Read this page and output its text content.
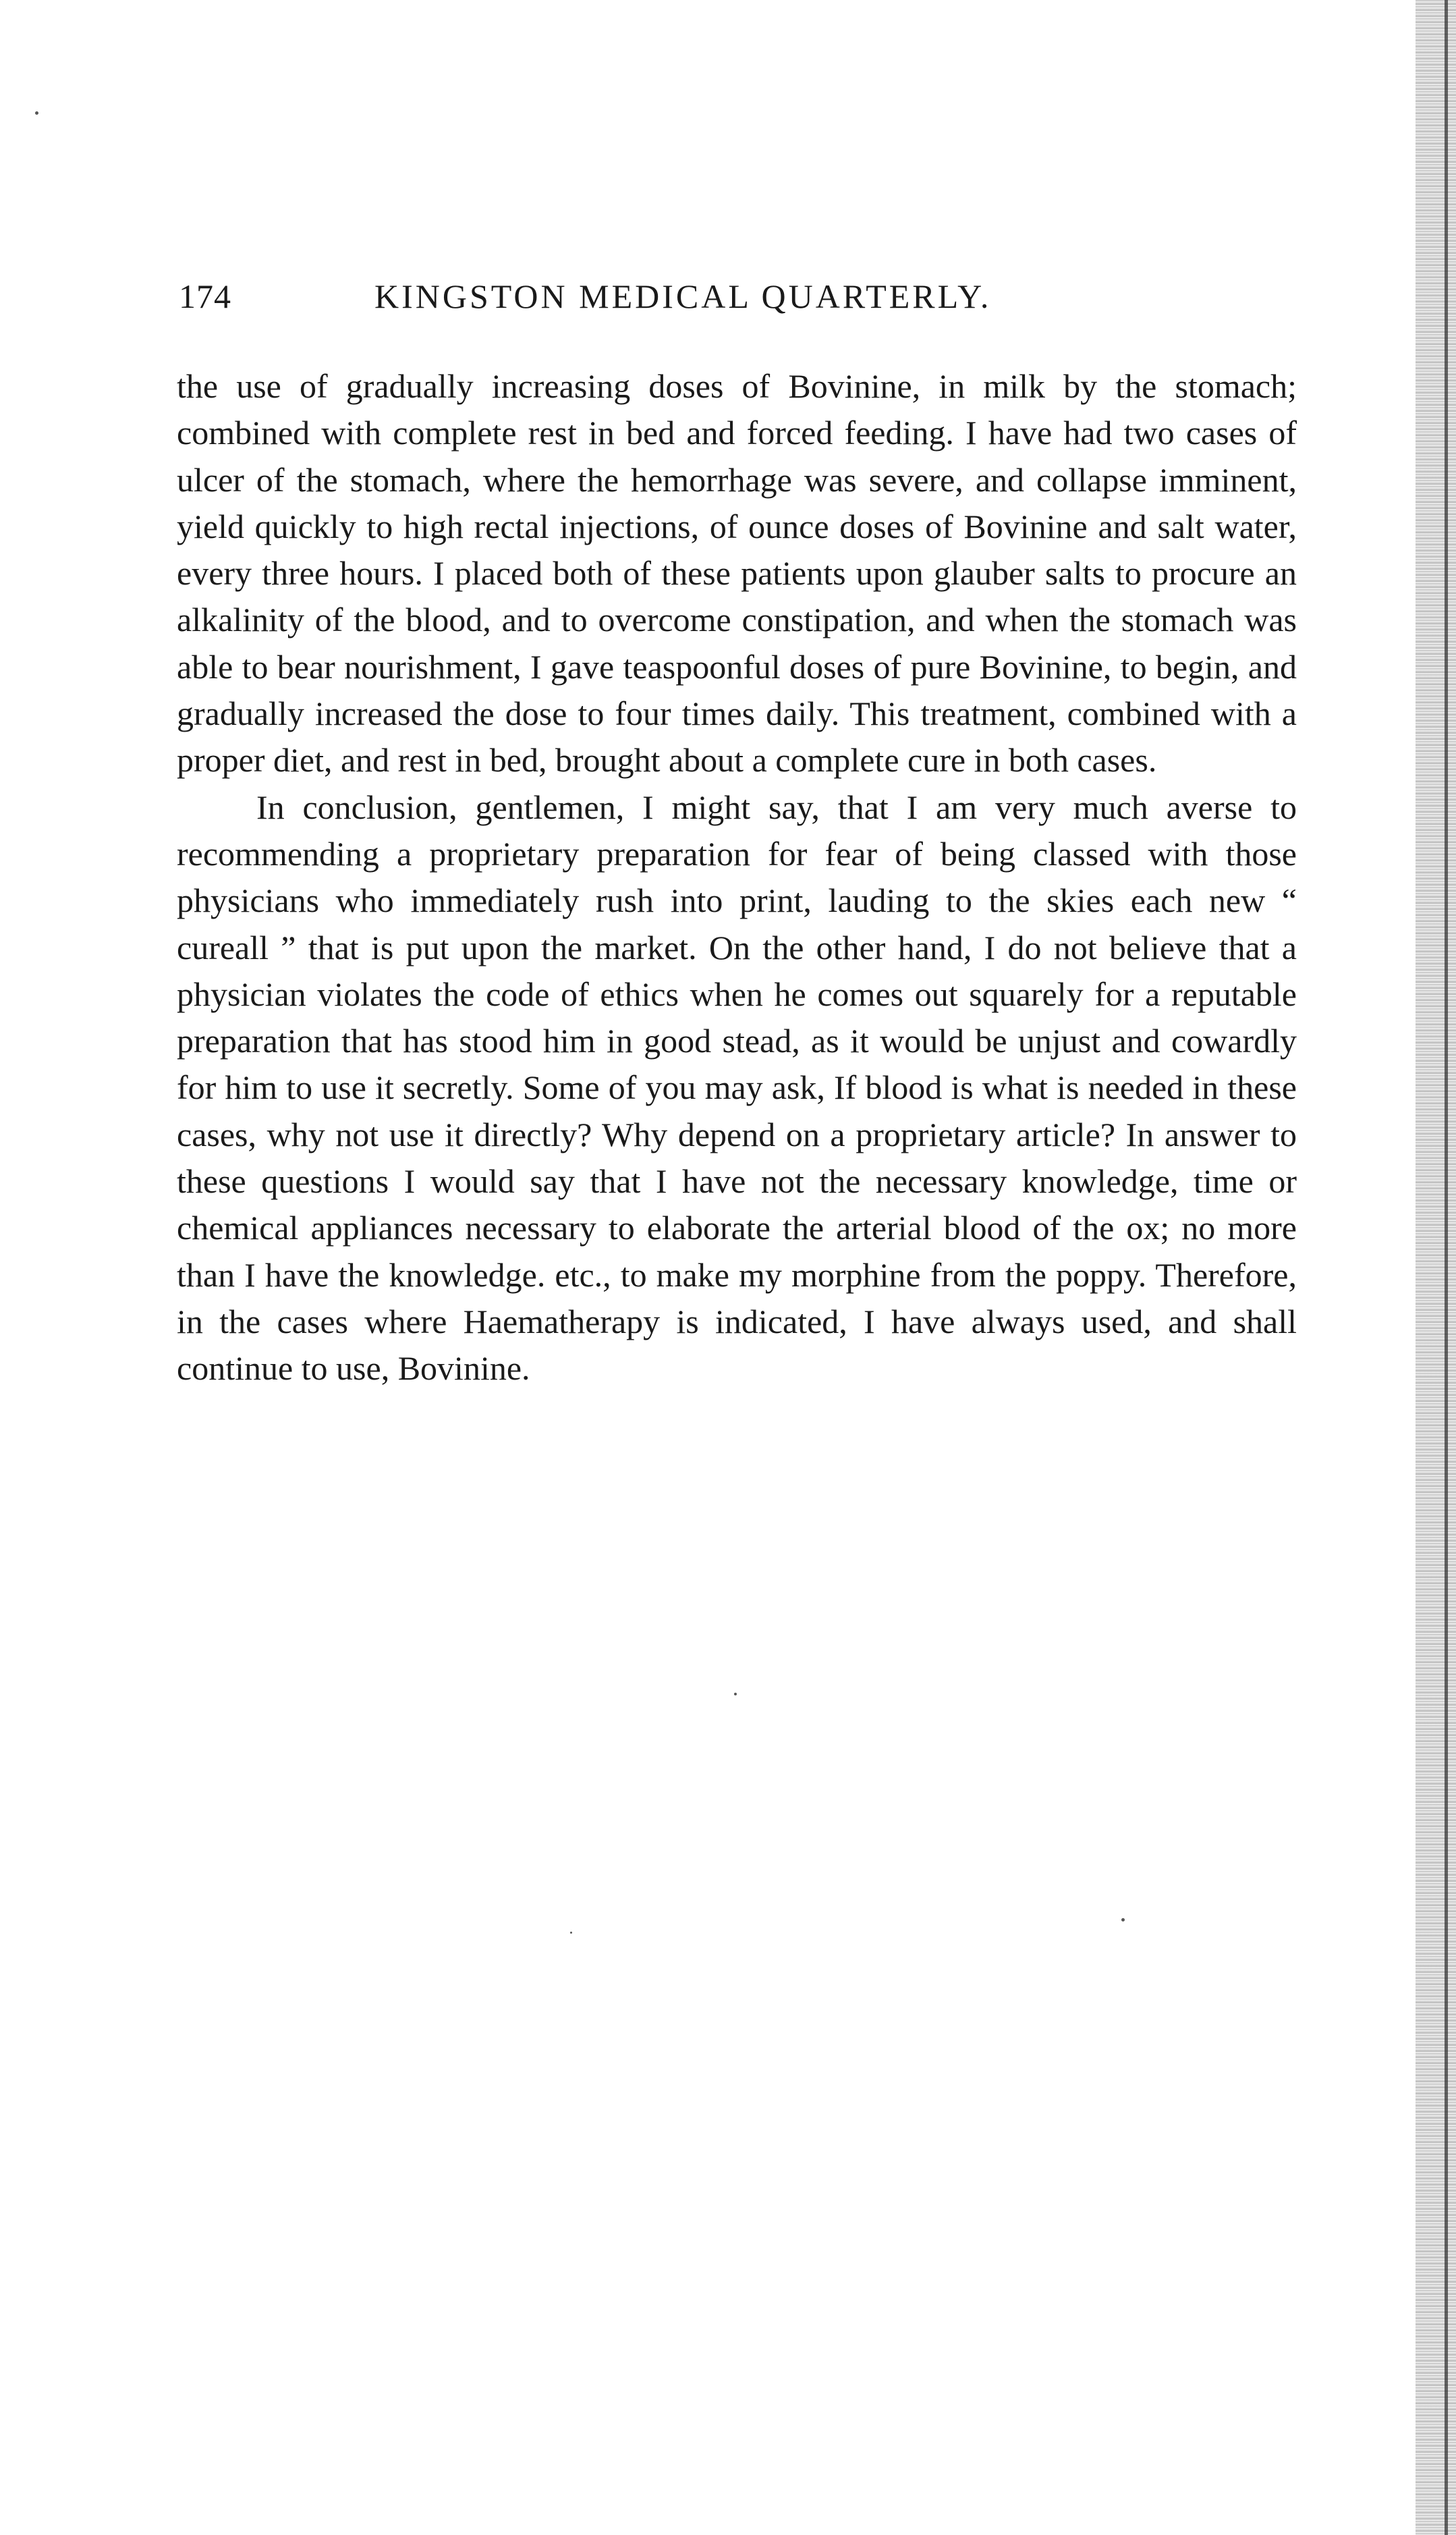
174	KINGSTON MEDICAL QUARTERLY.

the use of gradually increasing doses of Bovinine, in milk by the stomach; combined with complete rest in bed and forced feeding. I have had two cases of ulcer of the stomach, where the hemorrhage was severe, and collapse imminent, yield quickly to high rectal injections, of ounce doses of Bovinine and salt water, every three hours. I placed both of these patients upon glauber salts to procure an alkalinity of the blood, and to overcome constipation, and when the stomach was able to bear nourishment, I gave teaspoonful doses of pure Bovinine, to begin, and gradually increased the dose to four times daily. This treatment, combined with a proper diet, and rest in bed, brought about a complete cure in both cases.

In conclusion, gentlemen, I might say, that I am very much averse to recommending a proprietary preparation for fear of being classed with those physicians who immediately rush into print, lauding to the skies each new “ cureall ” that is put upon the market. On the other hand, I do not believe that a physician violates the code of ethics when he comes out squarely for a reputable preparation that has stood him in good stead, as it would be unjust and cowardly for him to use it secretly. Some of you may ask, If blood is what is needed in these cases, why not use it directly? Why depend on a proprietary article? In answer to these questions I would say that I have not the necessary knowledge, time or chemical appliances necessary to elaborate the arterial blood of the ox; no more than I have the knowledge. etc., to make my morphine from the poppy. Therefore, in the cases where Haematherapy is indicated, I have always used, and shall continue to use, Bovinine.
